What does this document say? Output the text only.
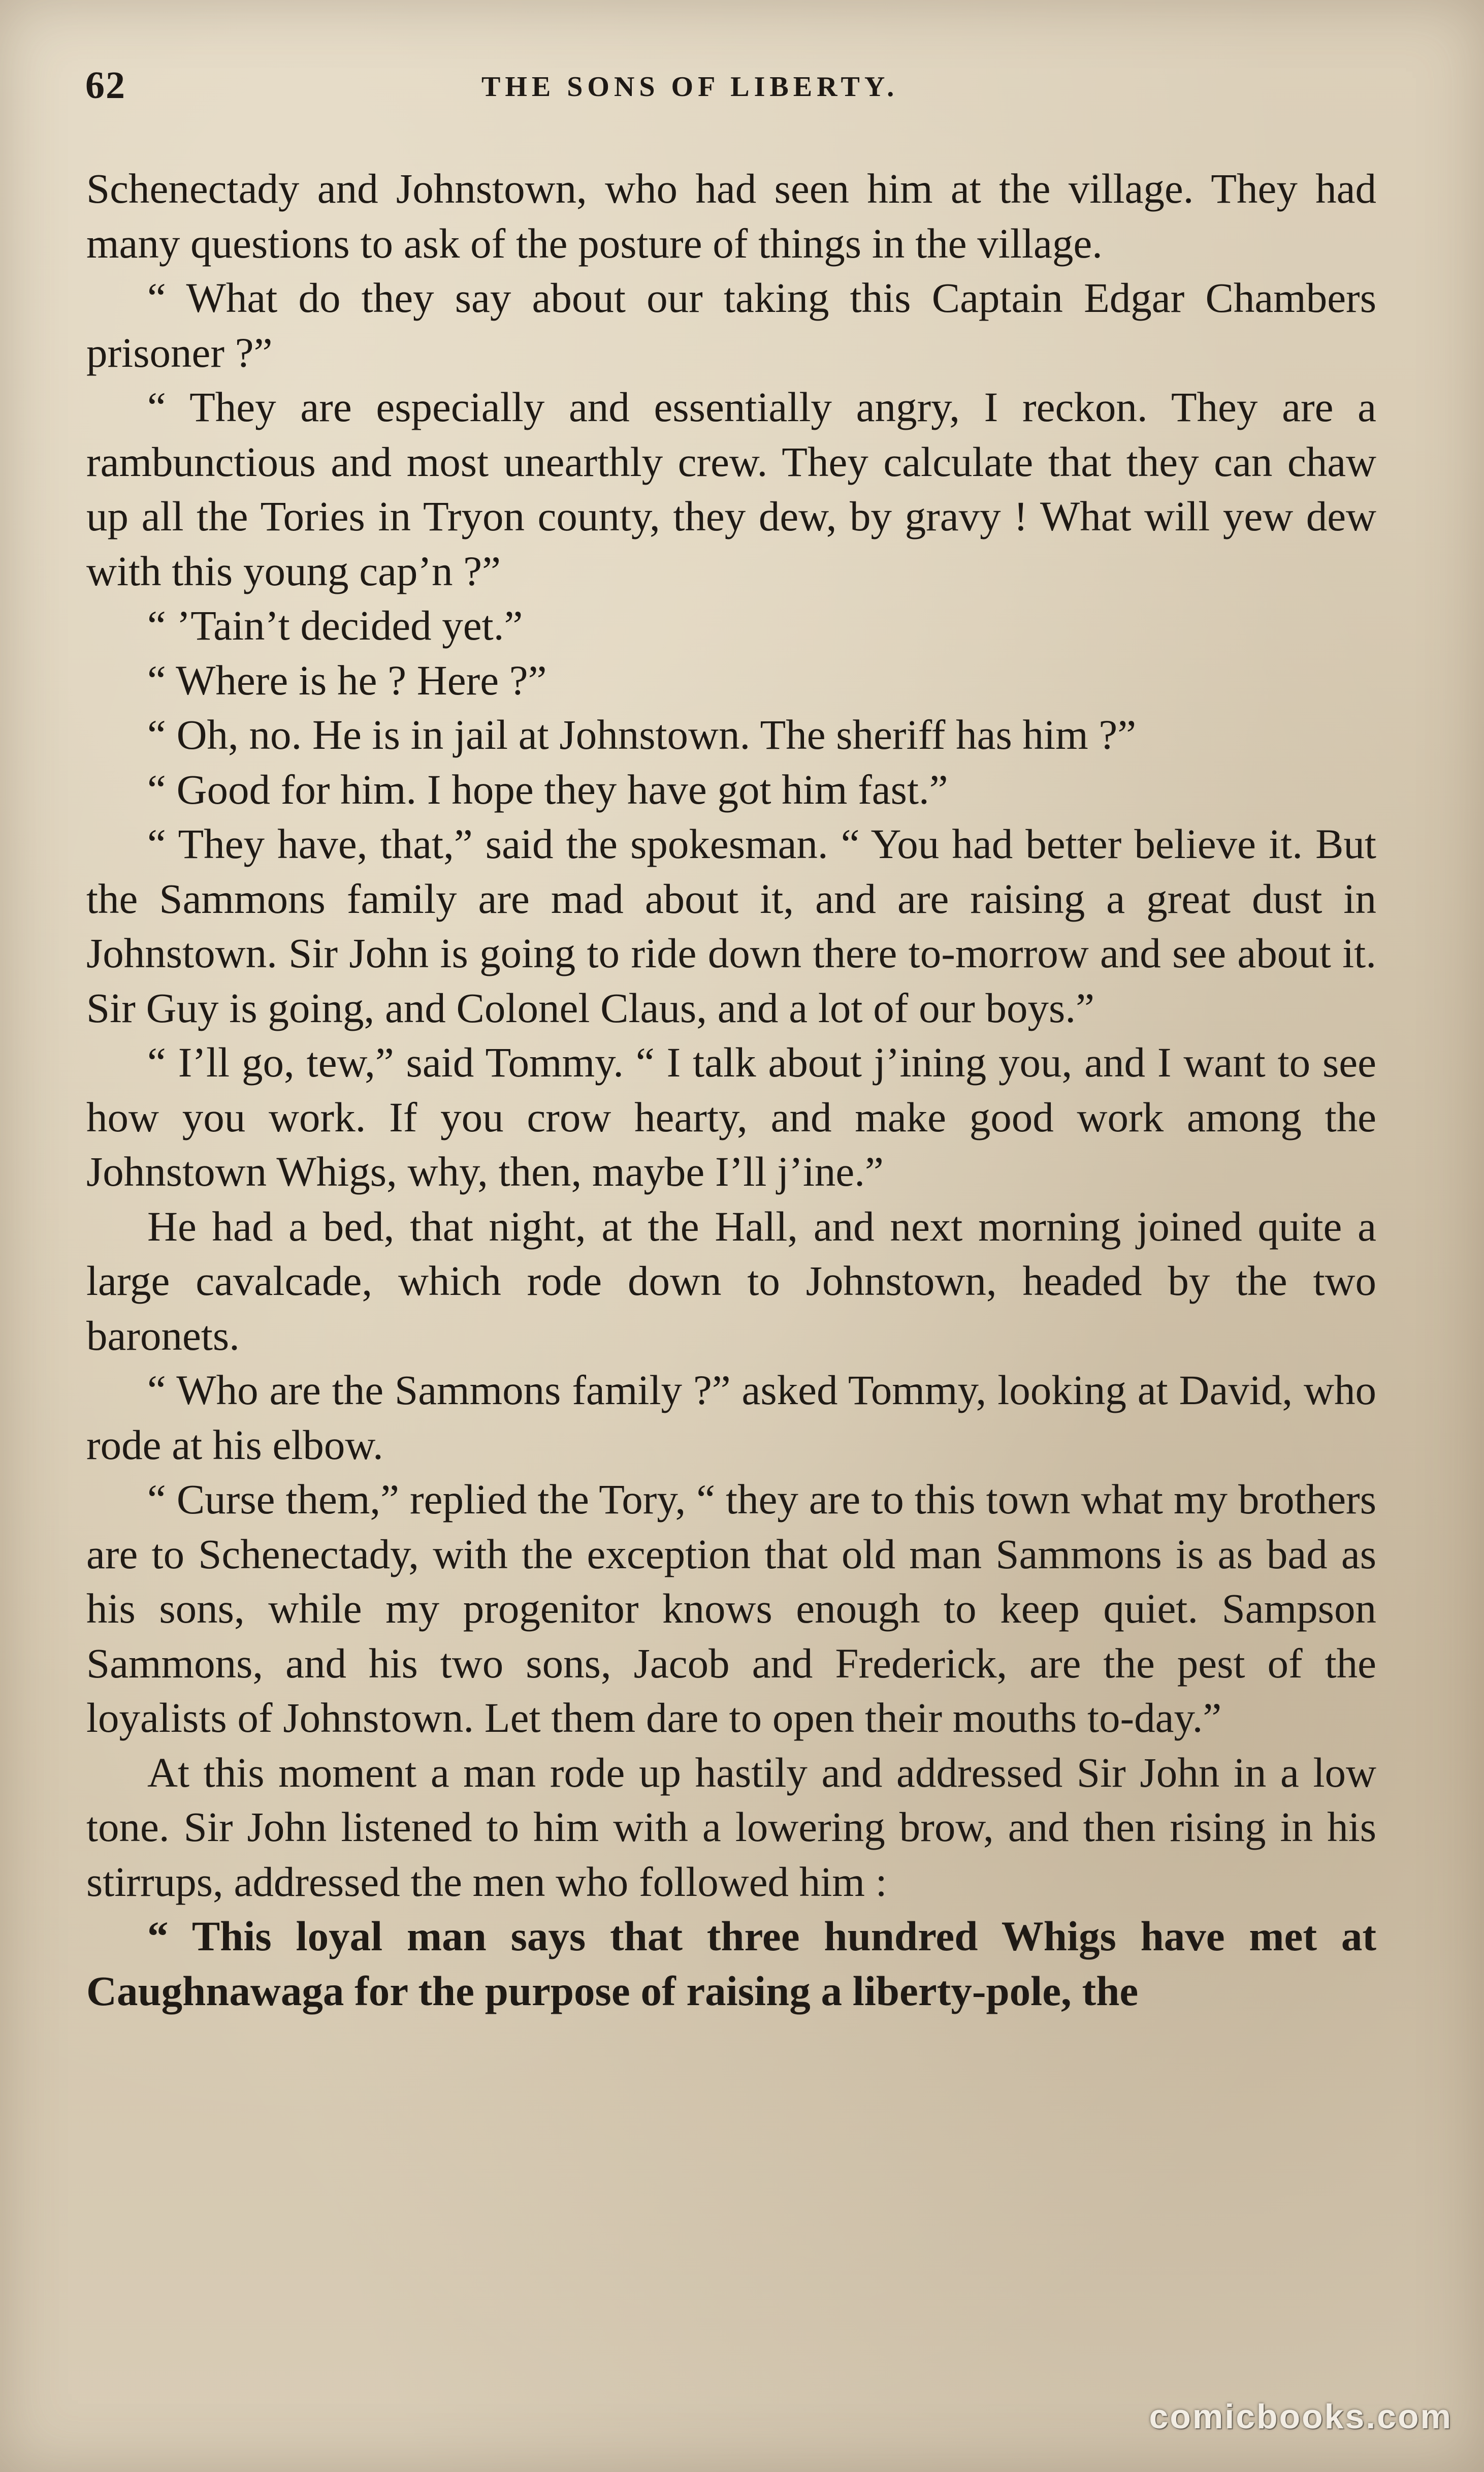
62	THE SONS OF LIBERTY.

Schenectady and Johnstown, who had seen him at the village. They had many questions to ask of the posture of things in the village.

“ What do they say about our taking this Captain Edgar Chambers prisoner ?”

“ They are especially and essentially angry, I reckon. They are a rambunctious and most unearthly crew. They calculate that they can chaw up all the Tories in Tryon county, they dew, by gravy ! What will yew dew with this young cap’n ?”

“ ’Tain’t decided yet.”

“ Where is he ? Here ?”

“ Oh, no. He is in jail at Johnstown. The sheriff has him ?”

“ Good for him. I hope they have got him fast.”

“ They have, that,” said the spokesman. “ You had better believe it. But the Sammons family are mad about it, and are raising a great dust in Johnstown. Sir John is going to ride down there to-morrow and see about it. Sir Guy is going, and Colonel Claus, and a lot of our boys.”

“ I’ll go, tew,” said Tommy. “ I talk about j’ining you, and I want to see how you work. If you crow hearty, and make good work among the Johnstown Whigs, why, then, maybe I’ll j’ine.”

He had a bed, that night, at the Hall, and next morning joined quite a large cavalcade, which rode down to Johnstown, headed by the two baronets.

“ Who are the Sammons family ?” asked Tommy, looking at David, who rode at his elbow.

“ Curse them,” replied the Tory, “ they are to this town what my brothers are to Schenectady, with the exception that old man Sammons is as bad as his sons, while my progenitor knows enough to keep quiet. Sampson Sammons, and his two sons, Jacob and Frederick, are the pest of the loyalists of Johnstown. Let them dare to open their mouths to-day.”

At this moment a man rode up hastily and addressed Sir John in a low tone. Sir John listened to him with a lowering brow, and then rising in his stirrups, addressed the men who followed him :

“ This loyal man says that three hundred Whigs have met at Caughnawaga for the purpose of raising a liberty-pole, the

comicbooks.com
